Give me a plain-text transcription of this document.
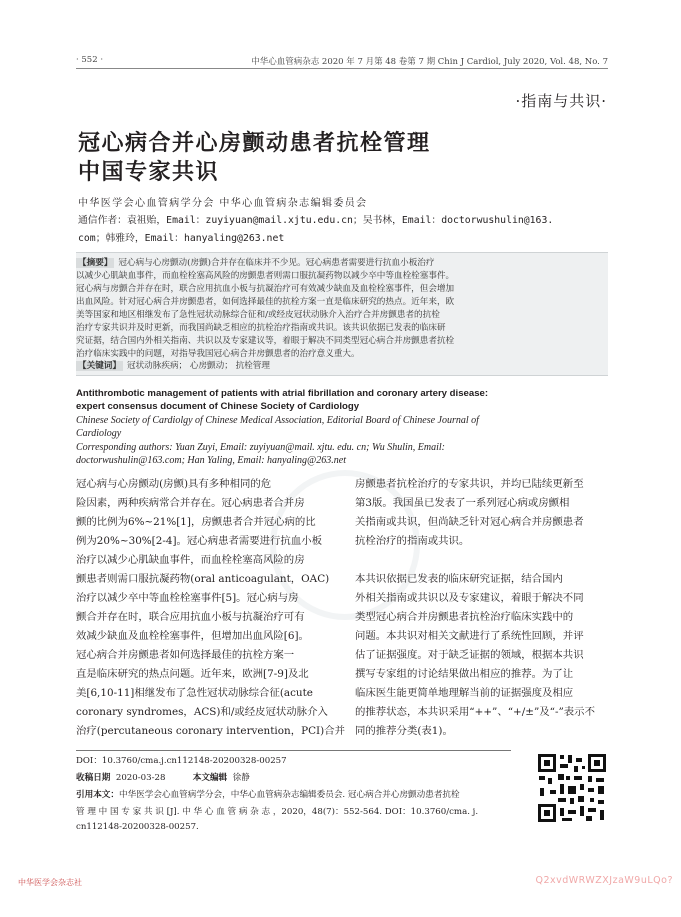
· 552 ·	中华心血管病杂志 2020 年 7 月第 48 卷第 7 期 Chin J Cardiol, July 2020, Vol. 48, No. 7
·指南与共识·
冠心病合并心房颤动患者抗栓管理
中国专家共识
中华医学会心血管病学分会 中华心血管病杂志编辑委员会
通信作者：袁祖贻，Email：zuyiyuan@mail.xjtu.edu.cn；吴书林，Email：doctorwushulin@163.
com；韩雅玲，Email：hanyaling@263.net
【摘要】 冠心病与心房颤动(房颤)合并存在临床并不少见。冠心病患者需要进行抗血小板治疗
以减少心肌缺血事件，而血栓栓塞高风险的房颤患者则需口服抗凝药物以减少卒中等血栓栓塞事件。
冠心病与房颤合并存在时，联合应用抗血小板与抗凝治疗可有效减少缺血及血栓栓塞事件，但会增加
出血风险。针对冠心病合并房颤患者，如何选择最佳的抗栓方案一直是临床研究的热点。近年来，欧
美等国家和地区相继发布了急性冠状动脉综合征和/或经皮冠状动脉介入治疗合并房颤患者的抗栓
治疗专家共识并及时更新，而我国尚缺乏相应的抗栓治疗指南或共识。该共识依据已发表的临床研
究证据，结合国内外相关指南、共识以及专家建议等，着眼于解决不同类型冠心病合并房颤患者抗栓
治疗临床实践中的问题，对指导我国冠心病合并房颤患者的治疗意义重大。
【关键词】 冠状动脉疾病； 心房颤动； 抗栓管理
Antithrombotic management of patients with atrial fibrillation and coronary artery disease:
expert consensus document of Chinese Society of Cardiology
Chinese Society of Cardiolgy of Chinese Medical Association, Editorial Board of Chinese Journal of
Cardiology
Corresponding authors: Yuan Zuyi, Email: zuyiyuan@mail. xjtu. edu. cn; Wu Shulin, Email:
doctorwushulin@163.com; Han Yaling, Email: hanyaling@263.net
冠心病与心房颤动(房颤)具有多种相同的危
险因素，两种疾病常合并存在。冠心病患者合并房
颤的比例为6%~21%[1]，房颤患者合并冠心病的比
例为20%~30%[2-4]。冠心病患者需要进行抗血小板
治疗以减少心肌缺血事件，而血栓栓塞高风险的房
颤患者则需口服抗凝药物(oral anticoagulant，OAC)
治疗以减少卒中等血栓栓塞事件[5]。冠心病与房
颤合并存在时，联合应用抗血小板与抗凝治疗可有
效减少缺血及血栓栓塞事件，但增加出血风险[6]。
冠心病合并房颤患者如何选择最佳的抗栓方案一
直是临床研究的热点问题。近年来，欧洲[7-9]及北
美[6,10-11]相继发布了急性冠状动脉综合征(acute
coronary syndromes，ACS)和/或经皮冠状动脉介入
治疗(percutaneous coronary intervention，PCI)合并
房颤患者抗栓治疗的专家共识，并均已陆续更新至
第3版。我国虽已发表了一系列冠心病或房颤相
关指南或共识，但尚缺乏针对冠心病合并房颤患者
抗栓治疗的指南或共识。
本共识依据已发表的临床研究证据，结合国内
外相关指南或共识以及专家建议，着眼于解决不同
类型冠心病合并房颤患者抗栓治疗临床实践中的
问题。本共识对相关文献进行了系统性回顾，并评
估了证据强度。对于缺乏证据的领域，根据本共识
撰写专家组的讨论结果做出相应的推荐。为了让
临床医生能更简单地理解当前的证据强度及相应
的推荐状态，本共识采用“++”、“+/±”及“-”表示不
同的推荐分类(表1)。
DOI：10.3760/cma.j.cn112148-20200328-00257
收稿日期 2020-03-28	本文编辑 徐静
引用本文：中华医学会心血管病学分会，中华心血管病杂志编辑委员会. 冠心病合并心房颤动患者抗栓
管 理 中 国 专 家 共 识 [J]. 中 华 心 血 管 病 杂 志 ，2020，48(7)：552-564. DOI：10.3760/cma. j.
cn112148-20200328-00257.
中华医学会杂志社	Q2xvdWRWZXJzaW9uLQo?
